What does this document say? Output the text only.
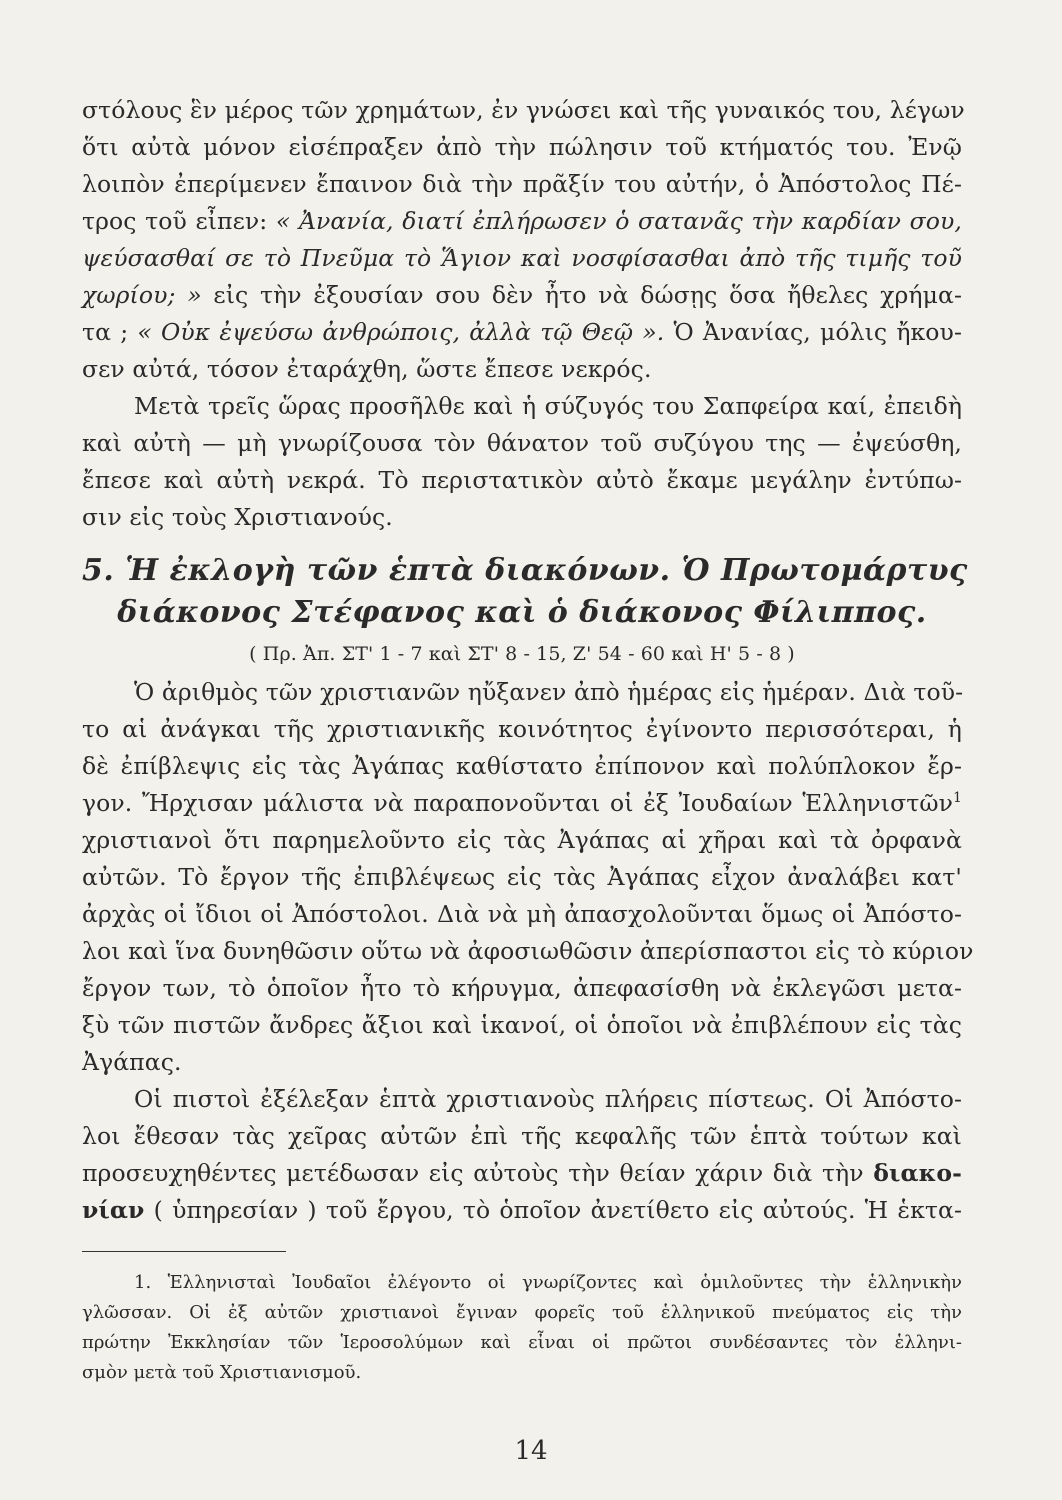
στόλους ἓν μέρος τῶν χρημάτων, ἐν γνώσει καὶ τῆς γυναικός του, λέγων
ὅτι αὐτὰ μόνον εἰσέπραξεν ἀπὸ τὴν πώλησιν τοῦ κτήματός του. Ἐνῷ
λοιπὸν ἐπερίμενεν ἔπαινον διὰ τὴν πρᾶξίν του αὐτήν, ὁ Ἀπόστολος Πέ-
τρος τοῦ εἶπεν: « Ἀνανία, διατί ἐπλήρωσεν ὁ σατανᾶς τὴν καρδίαν σου,
ψεύσασθαί σε τὸ Πνεῦμα τὸ Ἅγιον καὶ νοσφίσασθαι ἀπὸ τῆς τιμῆς τοῦ
χωρίου; » εἰς τὴν ἐξουσίαν σου δὲν ἦτο νὰ δώσῃς ὅσα ἤθελες χρήμα-
τα ; « Οὐκ ἐψεύσω ἀνθρώποις, ἀλλὰ τῷ Θεῷ ». Ὁ Ἀνανίας, μόλις ἤκου-
σεν αὐτά, τόσον ἐταράχθη, ὥστε ἔπεσε νεκρός.

Μετὰ τρεῖς ὥρας προσῆλθε καὶ ἡ σύζυγός του Σαπφείρα καί, ἐπειδὴ
καὶ αὐτὴ — μὴ γνωρίζουσα τὸν θάνατον τοῦ συζύγου της — ἐψεύσθη,
ἔπεσε καὶ αὐτὴ νεκρά. Τὸ περιστατικὸν αὐτὸ ἔκαμε μεγάλην ἐντύπω-
σιν εἰς τοὺς Χριστιανούς.

5. Ἡ ἐκλογὴ τῶν ἑπτὰ διακόνων. Ὁ Πρωτομάρτυς
διάκονος Στέφανος καὶ ὁ διάκονος Φίλιππος.
( Πρ. Ἀπ. ΣΤ' 1 - 7 καὶ ΣΤ' 8 - 15, Ζ' 54 - 60 καὶ Η' 5 - 8 )

Ὁ ἀριθμὸς τῶν χριστιανῶν ηὔξανεν ἀπὸ ἡμέρας εἰς ἡμέραν. Διὰ τοῦ-
το αἱ ἀνάγκαι τῆς χριστιανικῆς κοινότητος ἐγίνοντο περισσότεραι, ἡ
δὲ ἐπίβλεψις εἰς τὰς Ἀγάπας καθίστατο ἐπίπονον καὶ πολύπλοκον ἔρ-
γον. Ἤρχισαν μάλιστα νὰ παραπονοῦνται οἱ ἐξ Ἰουδαίων Ἑλληνιστῶν$^1$
χριστιανοὶ ὅτι παρημελοῦντο εἰς τὰς Ἀγάπας αἱ χῆραι καὶ τὰ ὀρφανὰ
αὐτῶν. Τὸ ἔργον τῆς ἐπιβλέψεως εἰς τὰς Ἀγάπας εἶχον ἀναλάβει κατ'
ἀρχὰς οἱ ἴδιοι οἱ Ἀπόστολοι. Διὰ νὰ μὴ ἀπασχολοῦνται ὅμως οἱ Ἀπόστο-
λοι καὶ ἵνα δυνηθῶσιν οὕτω νὰ ἀφοσιωθῶσιν ἀπερίσπαστοι εἰς τὸ κύριον
ἔργον των, τὸ ὁποῖον ἦτο τὸ κήρυγμα, ἀπεφασίσθη νὰ ἐκλεγῶσι μετα-
ξὺ τῶν πιστῶν ἄνδρες ἄξιοι καὶ ἱκανοί, οἱ ὁποῖοι νὰ ἐπιβλέπουν εἰς τὰς
Ἀγάπας.

Οἱ πιστοὶ ἐξέλεξαν ἑπτὰ χριστιανοὺς πλήρεις πίστεως. Οἱ Ἀπόστο-
λοι ἔθεσαν τὰς χεῖρας αὐτῶν ἐπὶ τῆς κεφαλῆς τῶν ἑπτὰ τούτων καὶ
προσευχηθέντες μετέδωσαν εἰς αὐτοὺς τὴν θείαν χάριν διὰ τὴν διακο-
νίαν ( ὑπηρεσίαν ) τοῦ ἔργου, τὸ ὁποῖον ἀνετίθετο εἰς αὐτούς. Ἡ ἑκτα-

1. Ἑλληνισταὶ Ἰουδαῖοι ἐλέγοντο οἱ γνωρίζοντες καὶ ὁμιλοῦντες τὴν ἑλληνικὴν
γλῶσσαν. Οἱ ἐξ αὐτῶν χριστιανοὶ ἔγιναν φορεῖς τοῦ ἑλληνικοῦ πνεύματος εἰς τὴν
πρώτην Ἐκκλησίαν τῶν Ἱεροσολύμων καὶ εἶναι οἱ πρῶτοι συνδέσαντες τὸν ἑλληνι-
σμὸν μετὰ τοῦ Χριστιανισμοῦ.
14
